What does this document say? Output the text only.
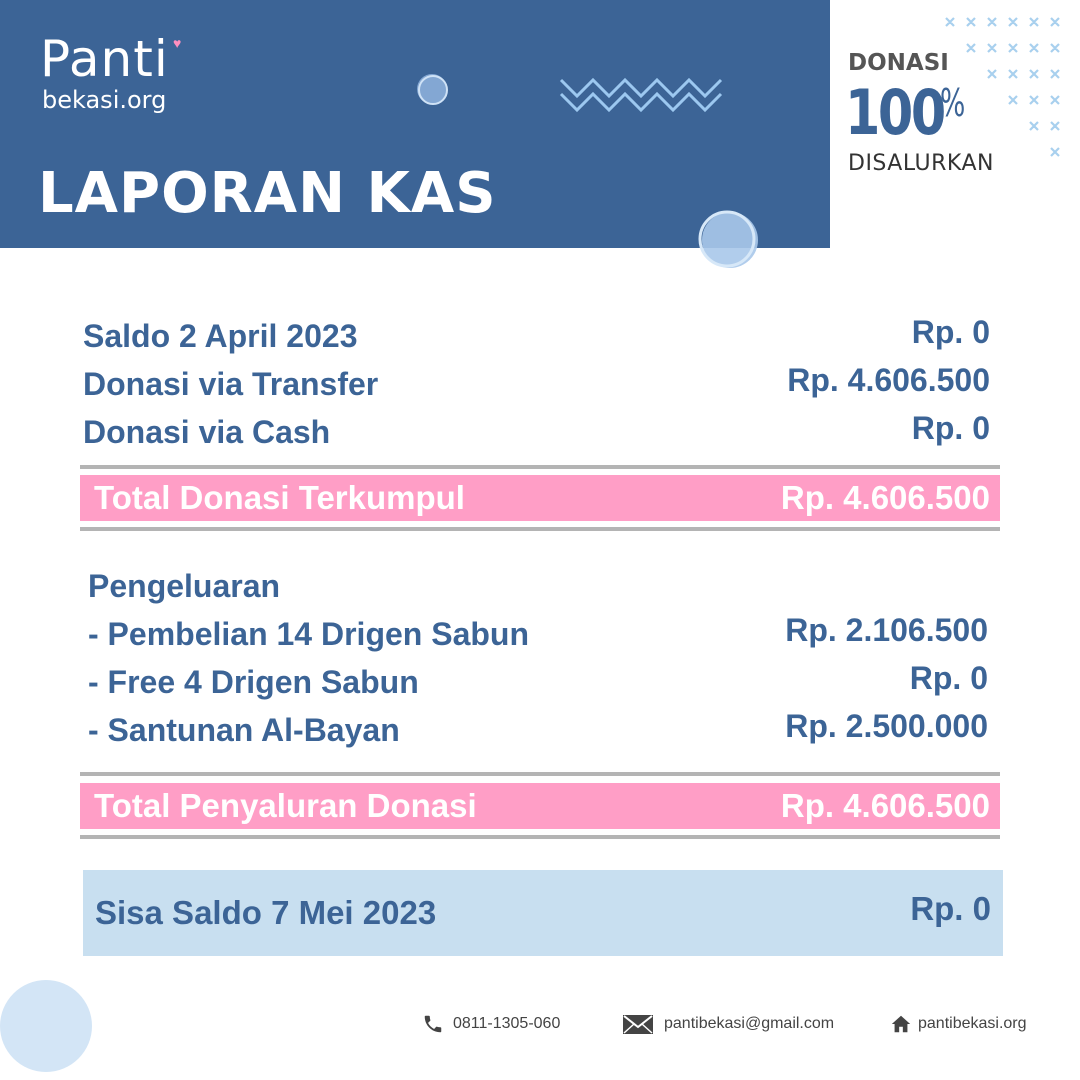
Panti ♥
bekasi.org
LAPORAN KAS
DONASI
100
%
DISALURKAN
Saldo 2 April 2023	Rp. 0
Donasi via Transfer	Rp. 4.606.500
Donasi via Cash	Rp. 0
Total Donasi Terkumpul	Rp. 4.606.500
Pengeluaran
- Pembelian 14 Drigen Sabun	Rp. 2.106.500
- Free 4 Drigen Sabun	Rp. 0
- Santunan Al-Bayan	Rp. 2.500.000
Total Penyaluran Donasi	Rp. 4.606.500
Sisa Saldo 7 Mei 2023	Rp. 0
0811-1305-060	pantibekasi@gmail.com	pantibekasi.org
